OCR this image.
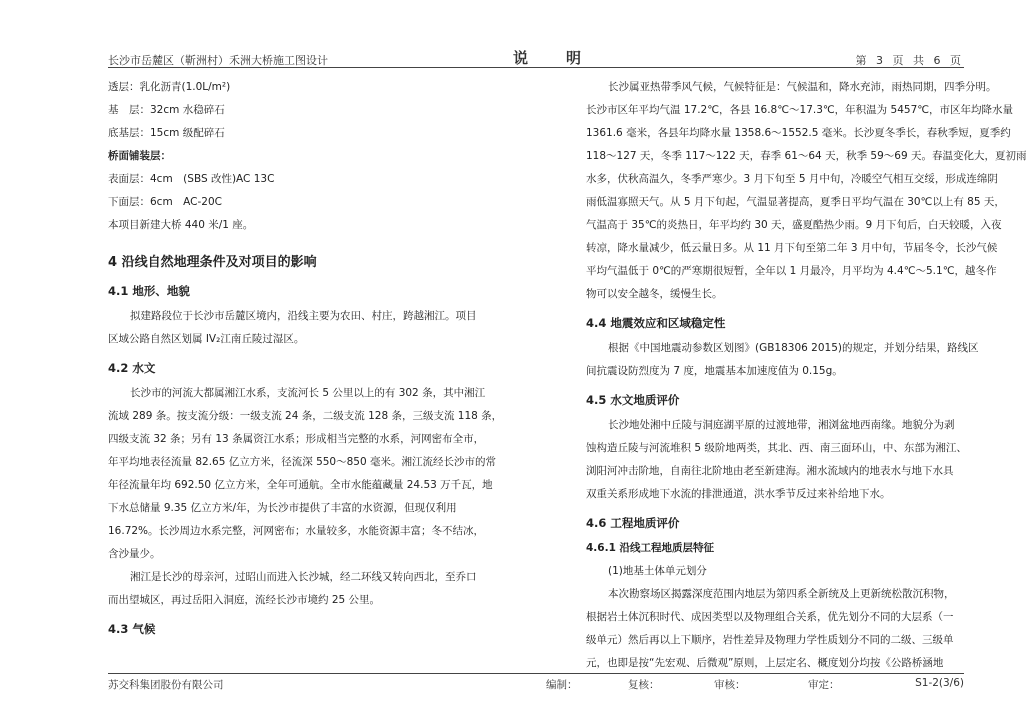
长沙市岳麓区（靳洲村）禾洲大桥施工图设计	说明	第 3 页 共 6 页

透层：乳化沥青(1.0L/m²)

基　层：32cm 水稳碎石

底基层：15cm 级配碎石

桥面铺装层：

表面层：4cm　(SBS 改性)AC 13C

下面层：6cm　AC-20C

本项目新建大桥 440 米/1 座。

4 沿线自然地理条件及对项目的影响

4.1 地形、地貌

拟建路段位于长沙市岳麓区境内，沿线主要为农田、村庄，跨越湘江。项目

区域公路自然区划属 IV₂江南丘陵过湿区。

4.2 水文

长沙市的河流大都属湘江水系，支流河长 5 公里以上的有 302 条，其中湘江

流域 289 条。按支流分级：一级支流 24 条，二级支流 128 条，三级支流 118 条，

四级支流 32 条；另有 13 条属资江水系；形成相当完整的水系，河网密布全市，

年平均地表径流量 82.65 亿立方米，径流深 550～850 毫米。湘江流经长沙市的常

年径流量年均 692.50 亿立方米，全年可通航。全市水能蕴藏量 24.53 万千瓦，地

下水总储量 9.35 亿立方米/年，为长沙市提供了丰富的水资源，但现仅利用

16.72%。长沙周边水系完整，河网密布；水量较多，水能资源丰富；冬不结冰，

含沙量少。

湘江是长沙的母亲河，过昭山而进入长沙城，经二环线又转向西北，至乔口

而出望城区，再过岳阳入洞庭，流经长沙市境约 25 公里。

4.3 气候

长沙属亚热带季风气候，气候特征是：气候温和，降水充沛，雨热同期，四季分明。

长沙市区年平均气温 17.2℃，各县 16.8℃～17.3℃，年积温为 5457℃，市区年均降水量

1361.6 毫米，各县年均降水量 1358.6～1552.5 毫米。长沙夏冬季长，春秋季短，夏季约

118～127 天，冬季 117～122 天，春季 61～64 天，秋季 59～69 天。春温变化大，夏初雨

水多，伏秋高温久，冬季严寒少。3 月下旬至 5 月中旬，冷暖空气相互交绥，形成连绵阴

雨低温寡照天气。从 5 月下旬起，气温显著提高，夏季日平均气温在 30℃以上有 85 天，

气温高于 35℃的炎热日，年平均约 30 天，盛夏酷热少雨。9 月下旬后，白天较暖，入夜

转凉，降水量减少，低云量日多。从 11 月下旬至第二年 3 月中旬，节届冬令，长沙气候

平均气温低于 0℃的严寒期很短暂，全年以 1 月最冷，月平均为 4.4℃～5.1℃，越冬作

物可以安全越冬，缓慢生长。

4.4 地震效应和区域稳定性

根据《中国地震动参数区划图》(GB18306 2015)的规定，并划分结果，路线区

间抗震设防烈度为 7 度，地震基本加速度值为 0.15g。

4.5 水文地质评价

长沙地处湘中丘陵与洞庭湖平原的过渡地带，湘浏盆地西南缘。地貌分为剥

蚀构造丘陵与河流堆积 5 级阶地两类，其北、西、南三面环山，中、东部为湘江、

浏阳河冲击阶地，自南往北阶地由老至新建海。湘水流域内的地表水与地下水具

双重关系形成地下水流的排泄通道，洪水季节反过来补给地下水。

4.6 工程地质评价

4.6.1 沿线工程地质层特征

(1)地基土体单元划分

本次勘察场区揭露深度范围内地层为第四系全新统及上更新统松散沉积物，

根据岩土体沉积时代、成因类型以及物理组合关系，优先划分不同的大层系（一

级单元）然后再以上下顺序，岩性差异及物理力学性质划分不同的二级、三级单

元，也即是按“先宏观、后微观”原则，上层定名、概度划分均按《公路桥涵地

苏交科集团股份有限公司	编制：	复核：	审核：	审定：	S1-2(3/6)
